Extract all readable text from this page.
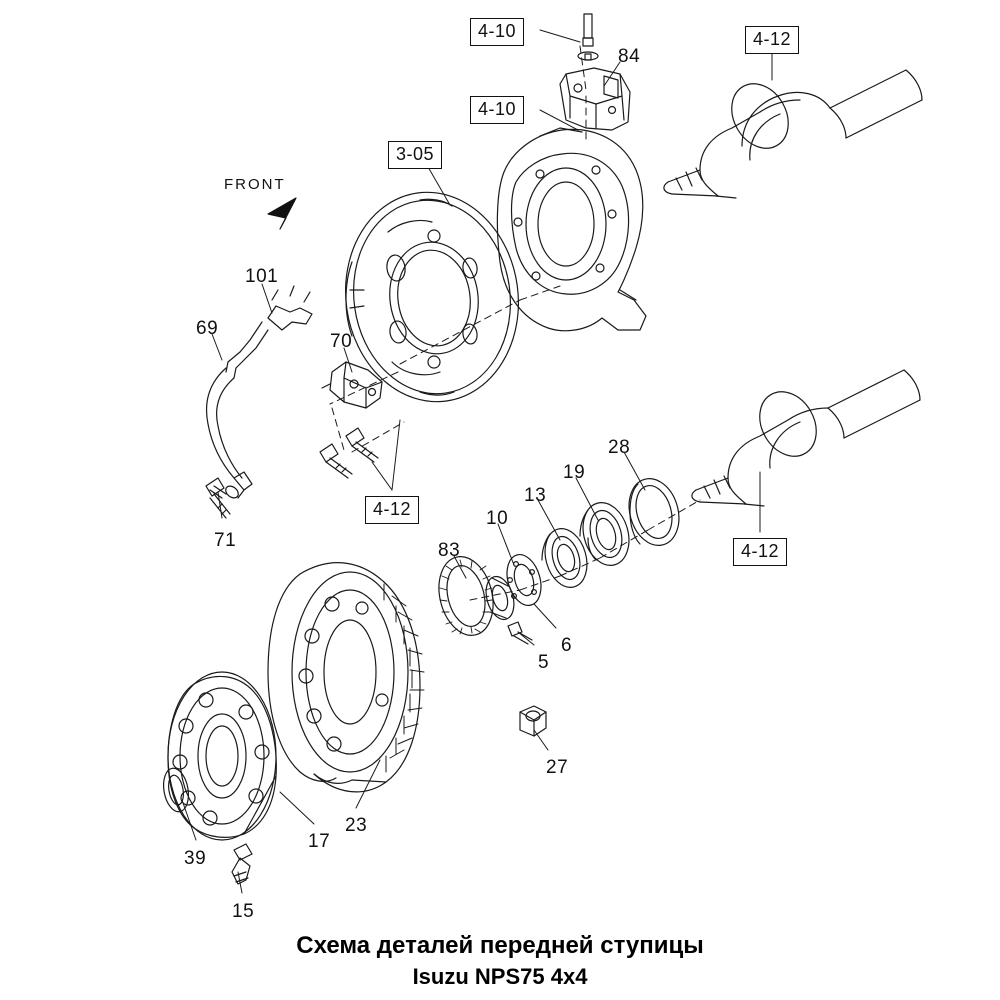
FRONT
4-10
84
4-12
4-10
3-05
101
69
70
28
19
13
4-12	10
71	4-12
83
6
5
27
23
17
39
15
Схема деталей передней ступицы
Isuzu NPS75 4x4
